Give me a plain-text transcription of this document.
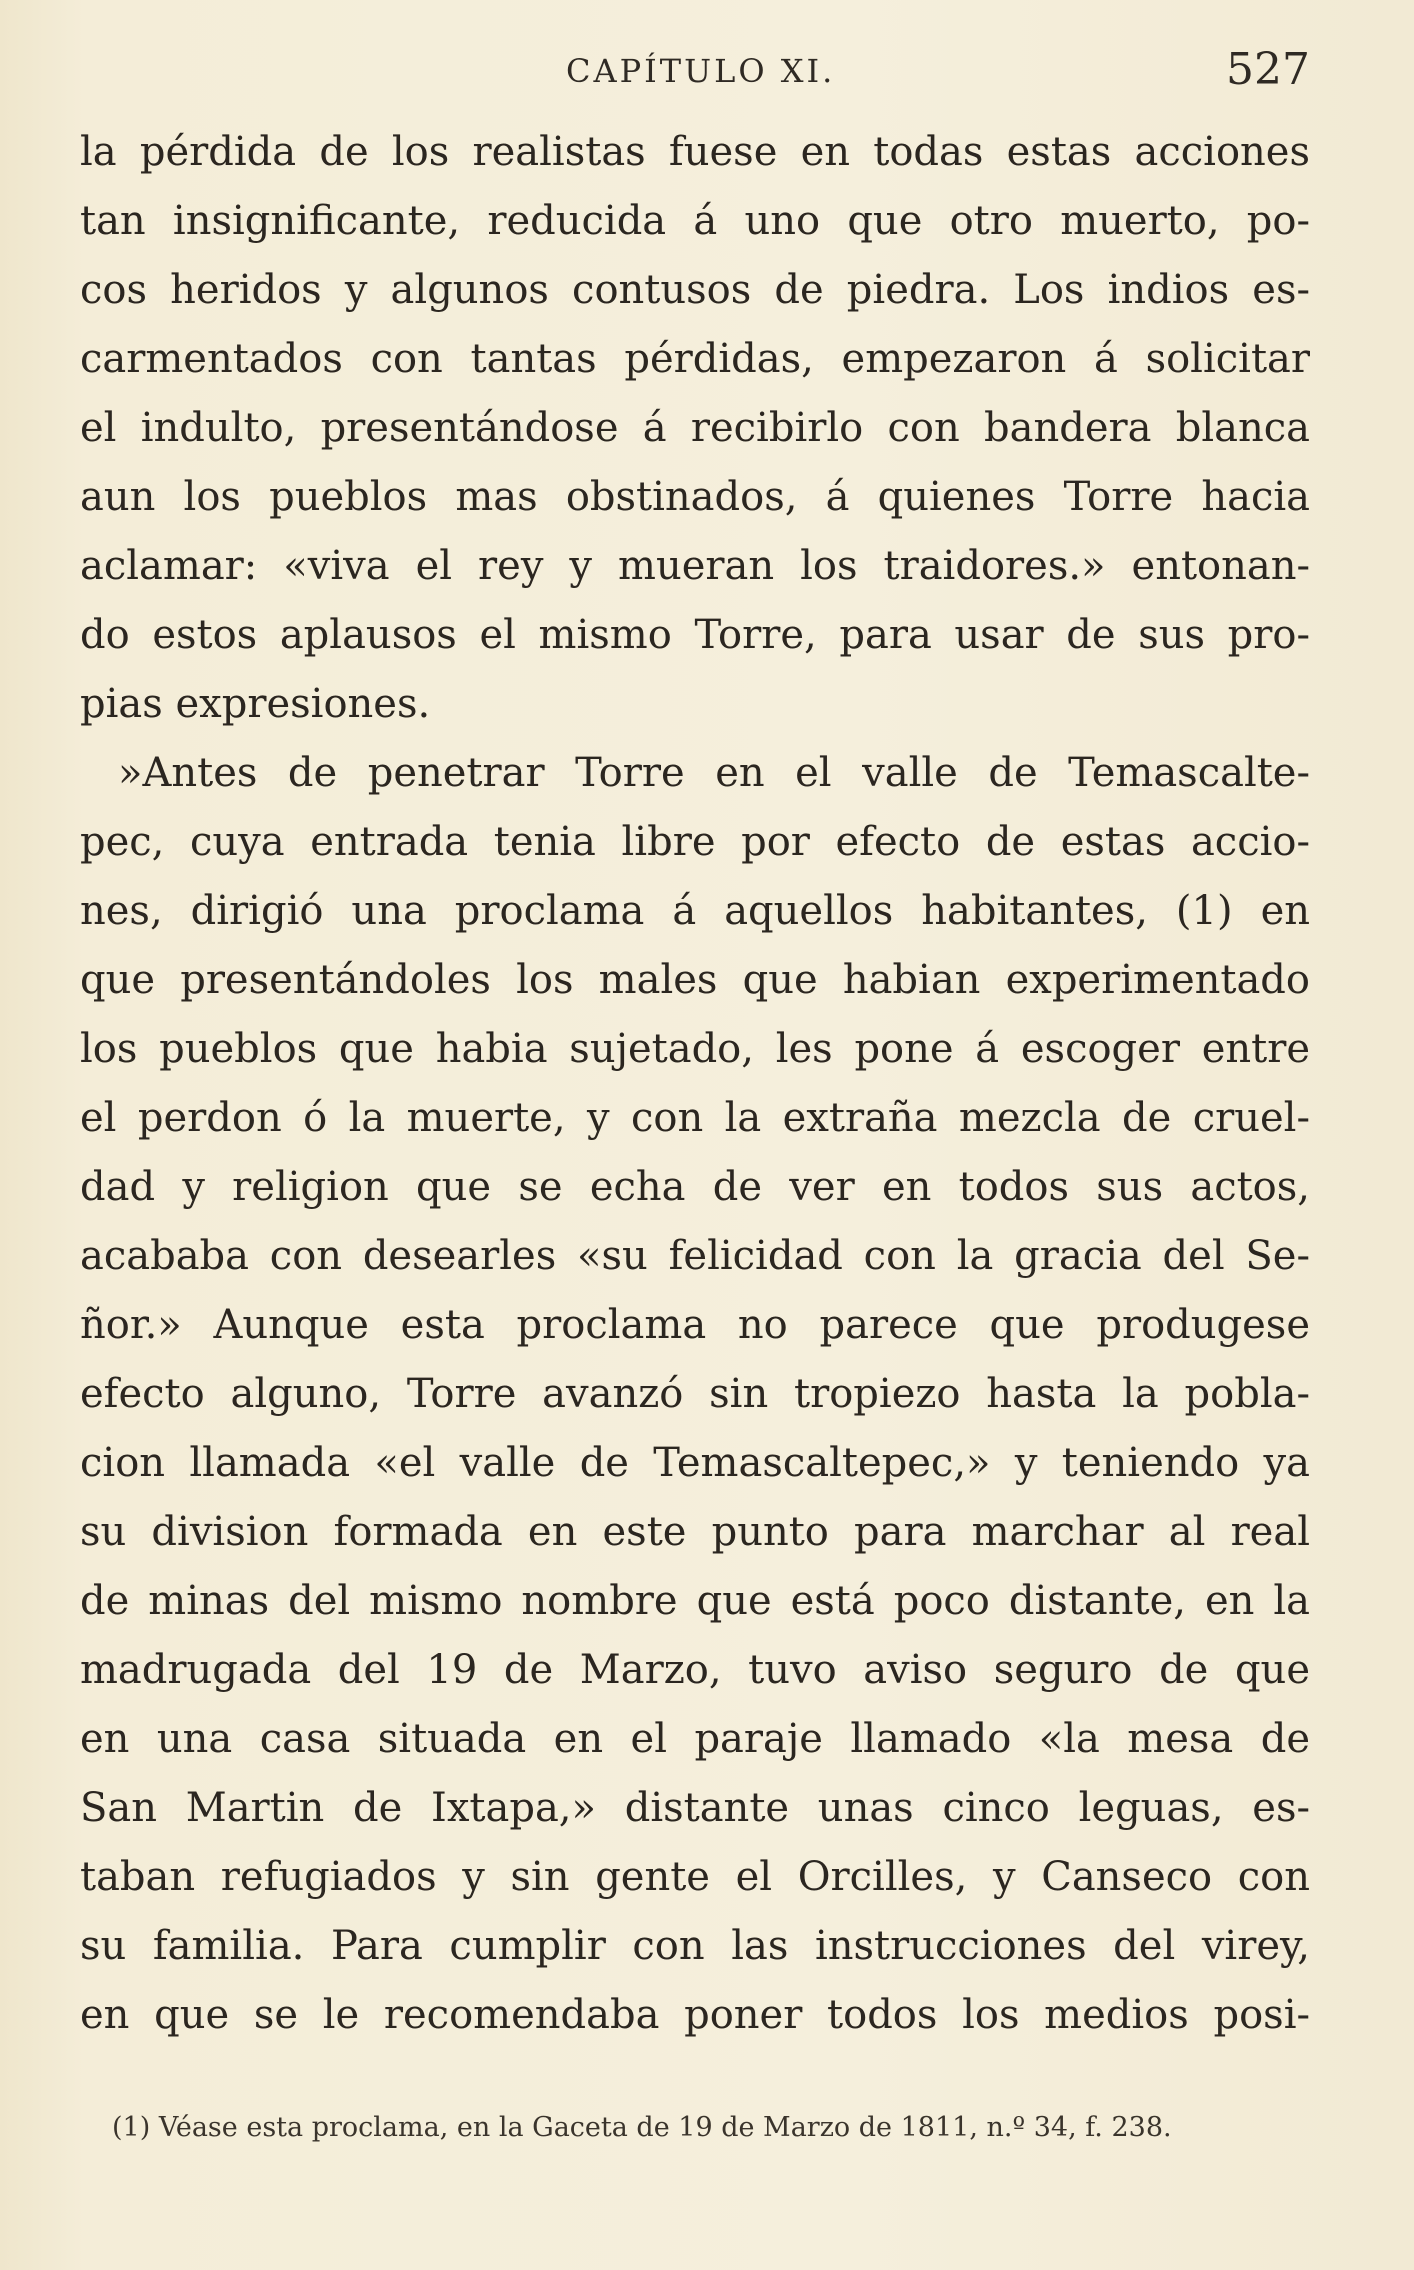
CAPÍTULO XI.	527
la pérdida de los realistas fuese en todas estas acciones
tan insignificante, reducida á uno que otro muerto, po-
cos heridos y algunos contusos de piedra. Los indios es-
carmentados con tantas pérdidas, empezaron á solicitar
el indulto, presentándose á recibirlo con bandera blanca
aun los pueblos mas obstinados, á quienes Torre hacia
aclamar: «viva el rey y mueran los traidores.» entonan-
do estos aplausos el mismo Torre, para usar de sus pro-
pias expresiones.
»Antes de penetrar Torre en el valle de Temascalte-
pec, cuya entrada tenia libre por efecto de estas accio-
nes, dirigió una proclama á aquellos habitantes, (1) en
que presentándoles los males que habian experimentado
los pueblos que habia sujetado, les pone á escoger entre
el perdon ó la muerte, y con la extraña mezcla de cruel-
dad y religion que se echa de ver en todos sus actos,
acababa con desearles «su felicidad con la gracia del Se-
ñor.» Aunque esta proclama no parece que produgese
efecto alguno, Torre avanzó sin tropiezo hasta la pobla-
cion llamada «el valle de Temascaltepec,» y teniendo ya
su division formada en este punto para marchar al real
de minas del mismo nombre que está poco distante, en la
madrugada del 19 de Marzo, tuvo aviso seguro de que
en una casa situada en el paraje llamado «la mesa de
San Martin de Ixtapa,» distante unas cinco leguas, es-
taban refugiados y sin gente el Orcilles, y Canseco con
su familia. Para cumplir con las instrucciones del virey,
en que se le recomendaba poner todos los medios posi-
(1) Véase esta proclama, en la Gaceta de 19 de Marzo de 1811, n.º 34, f. 238.
